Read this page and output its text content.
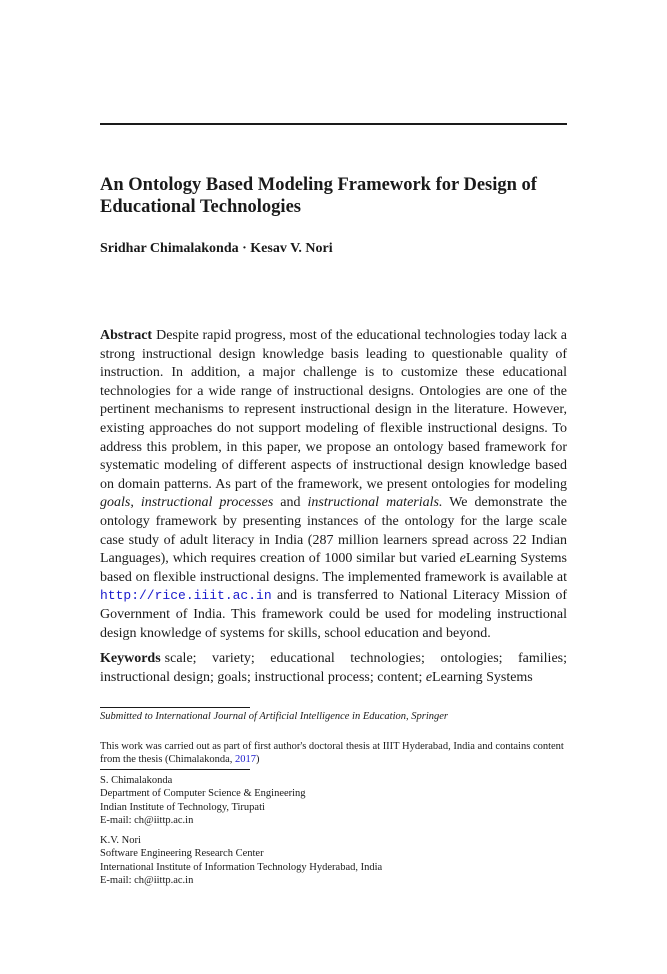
An Ontology Based Modeling Framework for Design of Educational Technologies
Sridhar Chimalakonda · Kesav V. Nori

Abstract Despite rapid progress, most of the educational technologies today lack a strong instructional design knowledge basis leading to questionable quality of instruction. In addition, a major challenge is to customize these educational technologies for a wide range of instructional designs. Ontologies are one of the pertinent mechanisms to represent instructional design in the literature. However, existing approaches do not support modeling of flexible instructional designs. To address this problem, in this paper, we propose an ontology based framework for systematic modeling of different aspects of instructional design knowledge based on domain patterns. As part of the framework, we present ontologies for modeling goals, instructional processes and instructional materials. We demonstrate the ontology framework by presenting instances of the ontology for the large scale case study of adult literacy in India (287 million learners spread across 22 Indian Languages), which requires creation of 1000 similar but varied eLearning Systems based on flexible instructional designs. The implemented framework is available at http://rice.iiit.ac.in and is transferred to National Literacy Mission of Government of India. This framework could be used for modeling instructional design knowledge of systems for skills, school education and beyond.

Keywords scale; variety; educational technologies; ontologies; families; instructional design; goals; instructional process; content; eLearning Systems

Submitted to International Journal of Artificial Intelligence in Education, Springer

This work was carried out as part of first author's doctoral thesis at IIIT Hyderabad, India and contains content from the thesis (Chimalakonda, 2017)

S. Chimalakonda
Department of Computer Science & Engineering
Indian Institute of Technology, Tirupati
E-mail: ch@iittp.ac.in
K.V. Nori
Software Engineering Research Center
International Institute of Information Technology Hyderabad, India
E-mail: ch@iittp.ac.in
